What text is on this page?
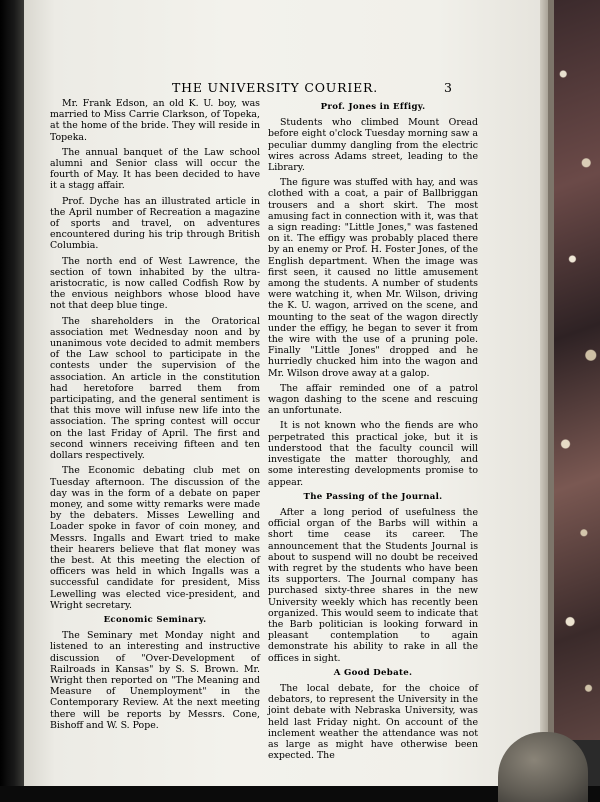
THE UNIVERSITY COURIER.	3

Mr. Frank Edson, an old K. U. boy, was married to Miss Carrie Clarkson, of Topeka, at the home of the bride. They will reside in Topeka.

The annual banquet of the Law school alumni and Senior class will occur the fourth of May. It has been decided to have it a stagg affair.

Prof. Dyche has an illustrated article in the April number of Recreation a magazine of sports and travel, on adventures encountered during his trip through British Columbia.

The north end of West Lawrence, the section of town inhabited by the ultra-aristocratic, is now called Codfish Row by the envious neighbors whose blood have not that deep blue tinge.

The shareholders in the Oratorical association met Wednesday noon and by unanimous vote decided to admit members of the Law school to participate in the contests under the supervision of the association. An article in the constitution had heretofore barred them from participating, and the general sentiment is that this move will infuse new life into the association. The spring contest will occur on the last Friday of April. The first and second winners receiving fifteen and ten dollars respectively.

The Economic debating club met on Tuesday afternoon. The discussion of the day was in the form of a debate on paper money, and some witty remarks were made by the debaters. Misses Lewelling and Loader spoke in favor of coin money, and Messrs. Ingalls and Ewart tried to make their hearers believe that flat money was the best. At this meeting the election of officers was held in which Ingalls was a successful candidate for president, Miss Lewelling was elected vice-president, and Wright secretary.

Economic Seminary.

The Seminary met Monday night and listened to an interesting and instructive discussion of "Over-Development of Railroads in Kansas" by S. S. Brown. Mr. Wright then reported on "The Meaning and Measure of Unemployment" in the Contemporary Review. At the next meeting there will be reports by Messrs. Cone, Bishoff and W. S. Pope.

Prof. Jones in Effigy.

Students who climbed Mount Oread before eight o'clock Tuesday morning saw a peculiar dummy dangling from the electric wires across Adams street, leading to the Library.

The figure was stuffed with hay, and was clothed with a coat, a pair of Ballbriggan trousers and a short skirt. The most amusing fact in connection with it, was that a sign reading: "Little Jones," was fastened on it. The effigy was probably placed there by an enemy or Prof. H. Foster Jones, of the English department. When the image was first seen, it caused no little amusement among the students. A number of students were watching it, when Mr. Wilson, driving the K. U. wagon, arrived on the scene, and mounting to the seat of the wagon directly under the effigy, he began to sever it from the wire with the use of a pruning pole. Finally "Little Jones" dropped and he hurriedly chucked him into the wagon and Mr. Wilson drove away at a galop.

The affair reminded one of a patrol wagon dashing to the scene and rescuing an unfortunate.

It is not known who the fiends are who perpetrated this practical joke, but it is understood that the faculty council will investigate the matter thoroughly, and some interesting developments promise to appear.

The Passing of the Journal.

After a long period of usefulness the official organ of the Barbs will within a short time cease its career. The announcement that the Students Journal is about to suspend will no doubt be received with regret by the students who have been its supporters. The Journal company has purchased sixty-three shares in the new University weekly which has recently been organized. This would seem to indicate that the Barb politician is looking forward in pleasant contemplation to again demonstrate his ability to rake in all the offices in sight.

A Good Debate.

The local debate, for the choice of debators, to represent the University in the joint debate with Nebraska University, was held last Friday night. On account of the inclement weather the attendance was not as large as might have otherwise been expected. The
